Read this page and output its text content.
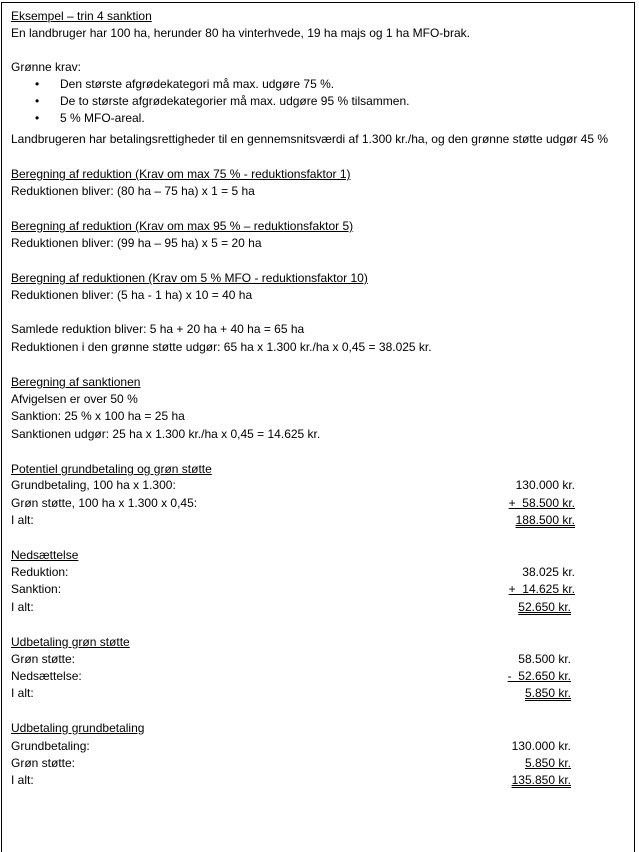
Eksempel – trin 4 sanktion
En landbruger har 100 ha, herunder 80 ha vinterhvede, 19 ha majs og 1 ha MFO-brak.
Grønne krav:
• Den største afgrødekategori må max. udgøre 75 %.
• De to største afgrødekategorier må max. udgøre 95 % tilsammen.
• 5 % MFO-areal.
Landbrugeren har betalingsrettigheder til en gennemsnitsværdi af 1.300 kr./ha, og den grønne støtte udgør 45 %
Beregning af reduktion (Krav om max 75 % - reduktionsfaktor 1)
Reduktionen bliver: (80 ha – 75 ha) x 1 = 5 ha
Beregning af reduktion (Krav om max 95 % – reduktionsfaktor 5)
Reduktionen bliver: (99 ha – 95 ha) x 5 = 20 ha
Beregning af reduktionen (Krav om 5 % MFO - reduktionsfaktor 10)
Reduktionen bliver: (5 ha - 1 ha) x 10 = 40 ha
Samlede reduktion bliver: 5 ha + 20 ha + 40 ha = 65 ha
Reduktionen i den grønne støtte udgør: 65 ha x 1.300 kr./ha x 0,45 = 38.025 kr.
Beregning af sanktionen
Afvigelsen er over 50 %
Sanktion: 25 % x 100 ha = 25 ha
Sanktionen udgør: 25 ha x 1.300 kr./ha x 0,45 = 14.625 kr.
Potentiel grundbetaling og grøn støtte
Grundbetaling, 100 ha x 1.300:	130.000 kr.
Grøn støtte, 100 ha x 1.300 x 0,45:	+  58.500 kr.
I alt:	188.500 kr.
Nedsættelse
Reduktion:	38.025 kr.
Sanktion:	+  14.625 kr.
I alt:	52.650 kr.
Udbetaling grøn støtte
Grøn støtte:	58.500 kr.
Nedsættelse:	-  52.650 kr.
I alt:	5.850 kr.
Udbetaling grundbetaling
Grundbetaling:	130.000 kr.
Grøn støtte:	5.850 kr.
I alt:	135.850 kr.
